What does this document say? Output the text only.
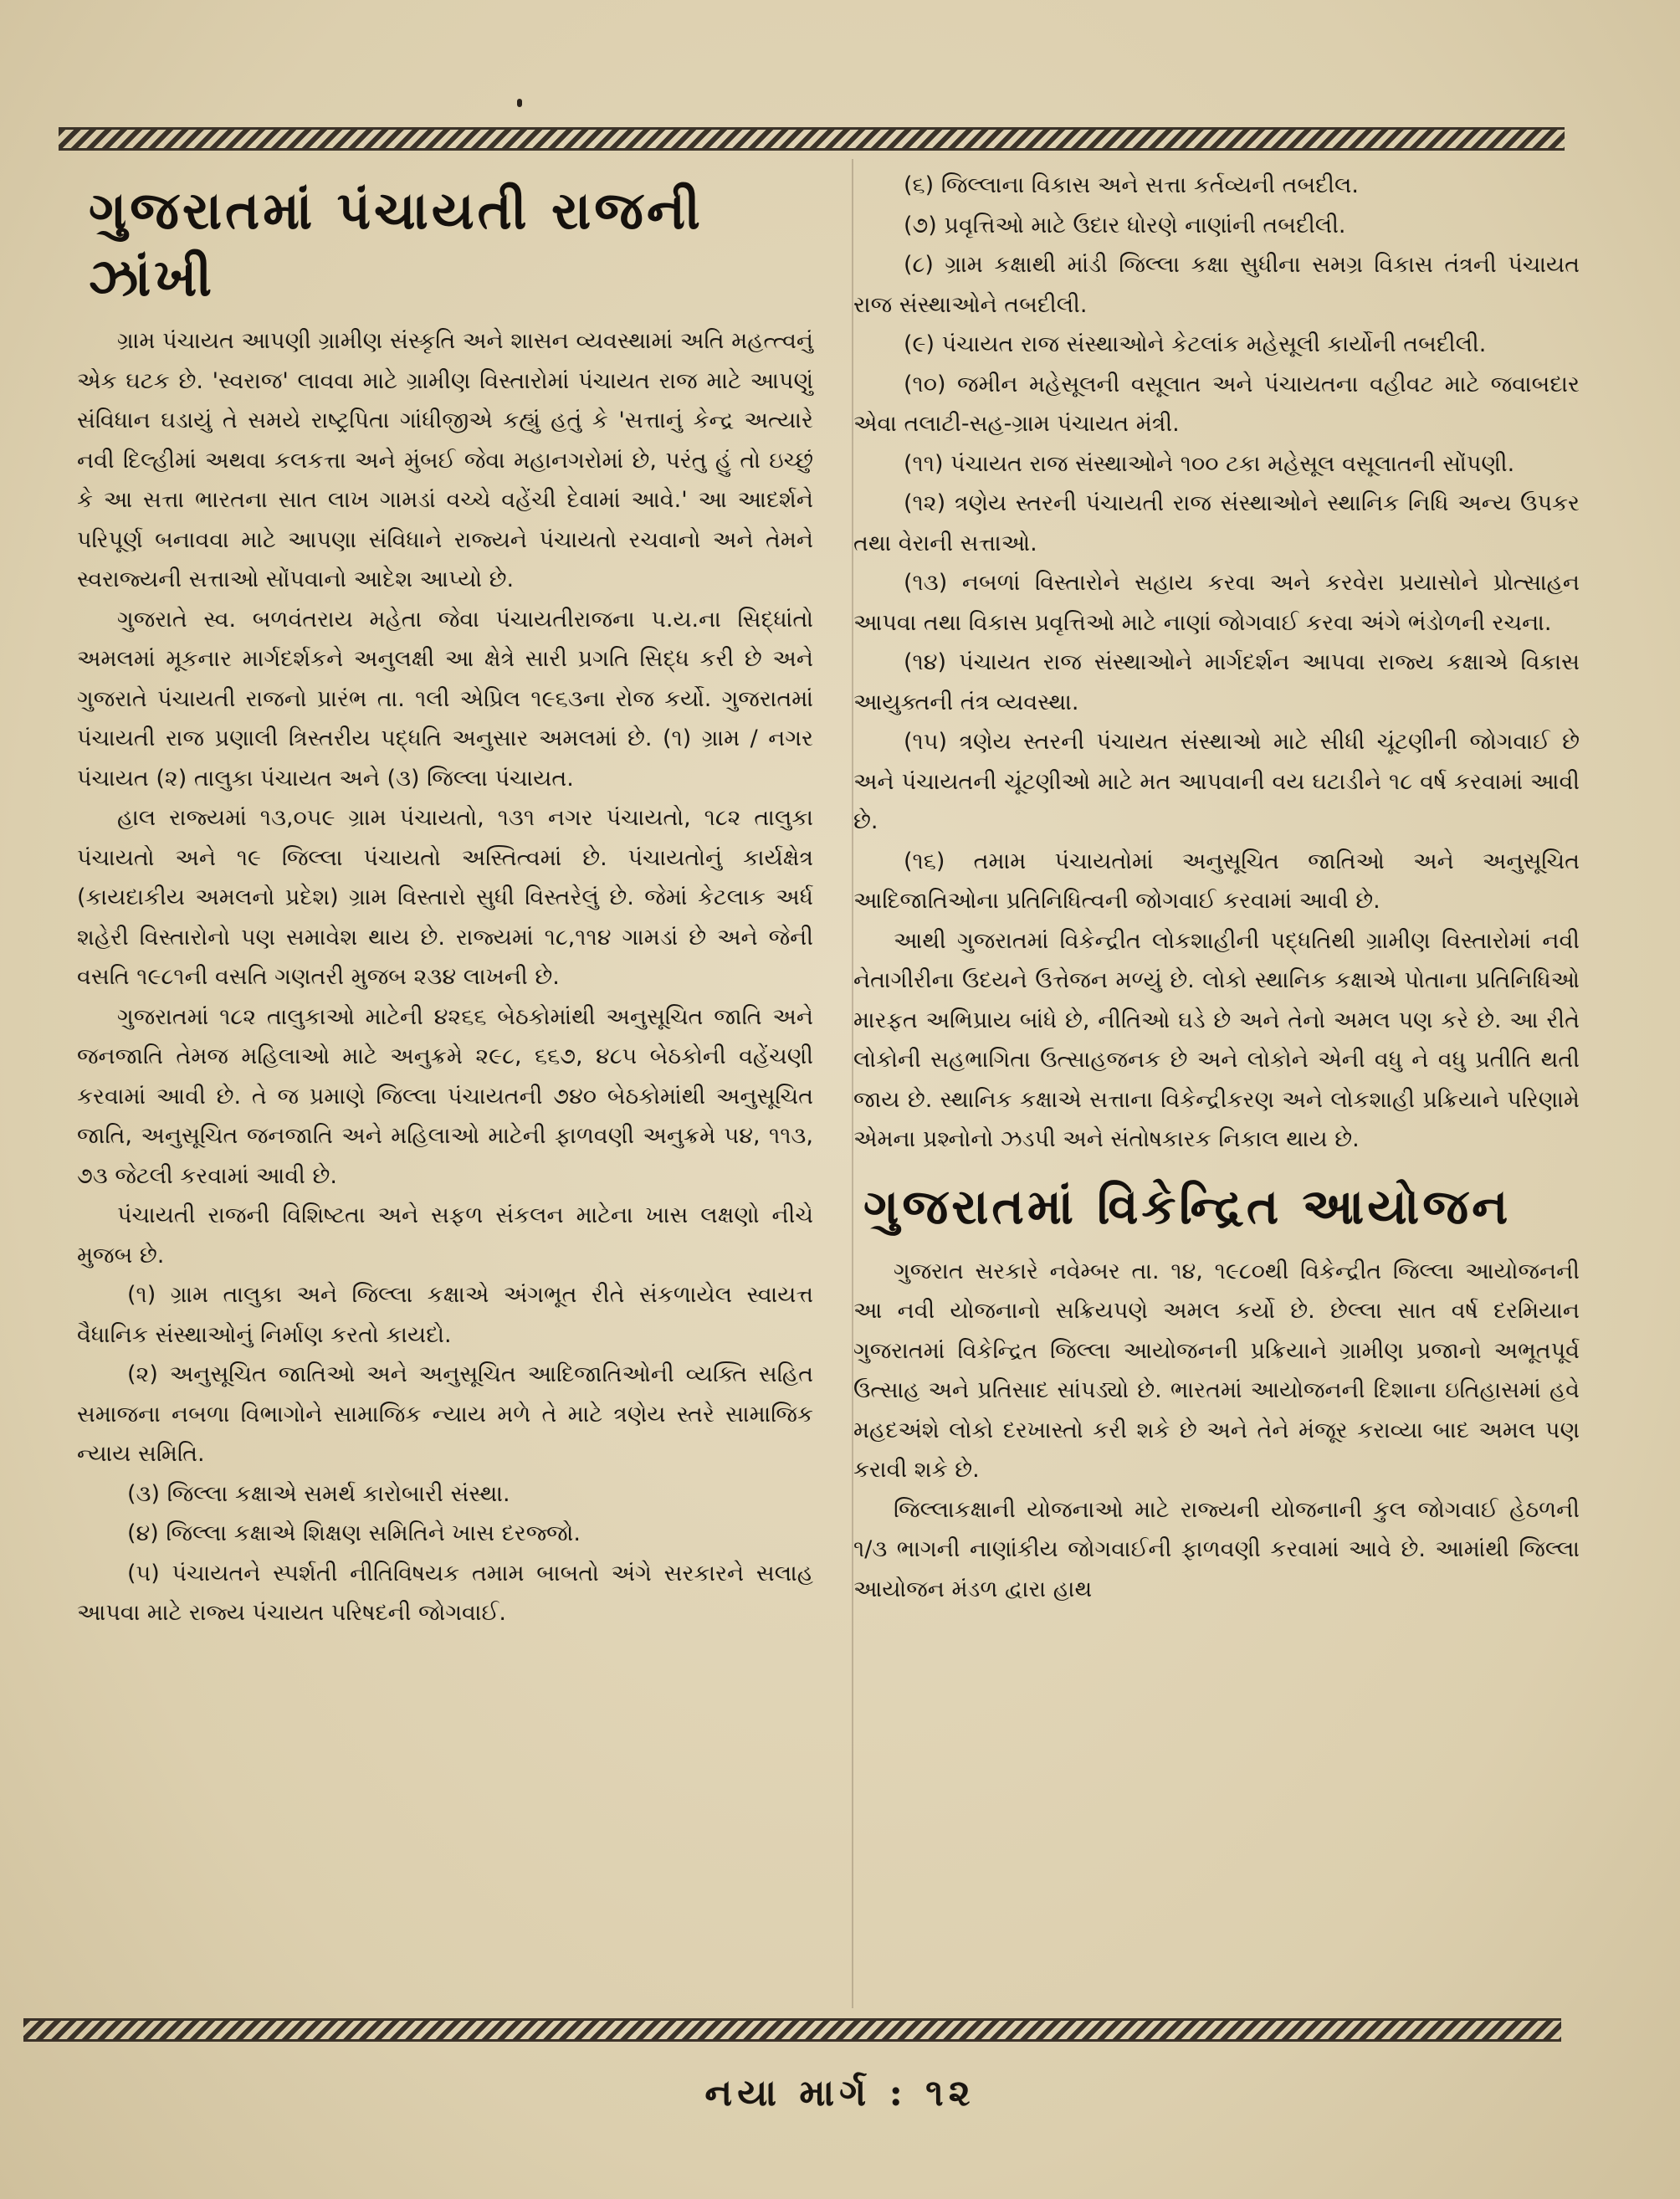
ગુજરાતમાં પંચાયતી રાજની ઝાંખી

ગ્રામ પંચાયત આપણી ગ્રામીણ સંસ્કૃતિ અને શાસન વ્યવસ્થામાં અતિ મહત્ત્વનું એક ઘટક છે. 'સ્વરાજ' લાવવા માટે ગ્રામીણ વિસ્તારોમાં પંચાયત રાજ માટે આપણું સંવિધાન ઘડાયું તે સમયે રાષ્ટ્રપિતા ગાંધીજીએ કહ્યું હતું કે 'સત્તાનું કેન્દ્ર અત્યારે નવી દિલ્હીમાં અથવા કલકત્તા અને મુંબઈ જેવા મહાનગરોમાં છે, પરંતુ હું તો ઇચ્છું કે આ સત્તા ભારતના સાત લાખ ગામડાં વચ્ચે વહેંચી દેવામાં આવે.' આ આદર્શને પરિપૂર્ણ બનાવવા માટે આપણા સંવિધાને રાજ્યને પંચાયતો રચવાનો અને તેમને સ્વરાજ્યની સત્તાઓ સોંપવાનો આદેશ આપ્યો છે.

ગુજરાતે સ્વ. બળવંતરાય મહેતા જેવા પંચાયતીરાજના પ.ય.ના સિદ્ધાંતો અમલમાં મૂકનાર માર્ગદર્શકને અનુલક્ષી આ ક્ષેત્રે સારી પ્રગતિ સિદ્ધ કરી છે અને ગુજરાતે પંચાયતી રાજનો પ્રારંભ તા. ૧લી એપ્રિલ ૧૯૬૩ના રોજ કર્યો. ગુજરાતમાં પંચાયતી રાજ પ્રણાલી ત્રિસ્તરીય પદ્ધતિ અનુસાર અમલમાં છે. (૧) ગ્રામ / નગર પંચાયત (૨) તાલુકા પંચાયત અને (૩) જિલ્લા પંચાયત.

હાલ રાજ્યમાં ૧૩,૦૫૯ ગ્રામ પંચાયતો, ૧૩૧ નગર પંચાયતો, ૧૮૨ તાલુકા પંચાયતો અને ૧૯ જિલ્લા પંચાયતો અસ્તિત્વમાં છે. પંચાયતોનું કાર્યક્ષેત્ર (કાયદાકીય અમલનો પ્રદેશ) ગ્રામ વિસ્તારો સુધી વિસ્તરેલું છે. જેમાં કેટલાક અર્ધ શહેરી વિસ્તારોનો પણ સમાવેશ થાય છે. રાજ્યમાં ૧૮,૧૧૪ ગામડાં છે અને જેની વસતિ ૧૯૮૧ની વસતિ ગણતરી મુજબ ૨૩૪ લાખની છે.

ગુજરાતમાં ૧૮૨ તાલુકાઓ માટેની ૪૨૬૬ બેઠકોમાંથી અનુસૂચિત જાતિ અને જનજાતિ તેમજ મહિલાઓ માટે અનુક્રમે ૨૯૮, ૬૬૭, ૪૮૫ બેઠકોની વહેંચણી કરવામાં આવી છે. તે જ પ્રમાણે જિલ્લા પંચાયતની ૭૪૦ બેઠકોમાંથી અનુસૂચિત જાતિ, અનુસૂચિત જનજાતિ અને મહિલાઓ માટેની ફાળવણી અનુક્રમે ૫૪, ૧૧૩, ૭૩ જેટલી કરવામાં આવી છે.

પંચાયતી રાજની વિશિષ્ટતા અને સફળ સંકલન માટેના ખાસ લક્ષણો નીચે મુજબ છે.

(૧) ગ્રામ તાલુકા અને જિલ્લા કક્ષાએ અંગભૂત રીતે સંકળાયેલ સ્વાયત્ત વૈધાનિક સંસ્થાઓનું નિર્માણ કરતો કાયદો.

(૨) અનુસૂચિત જાતિઓ અને અનુસૂચિત આદિજાતિઓની વ્યક્તિ સહિત સમાજના નબળા વિભાગોને સામાજિક ન્યાય મળે તે માટે ત્રણેય સ્તરે સામાજિક ન્યાય સમિતિ.

(૩) જિલ્લા કક્ષાએ સમર્થ કારોબારી સંસ્થા.

(૪) જિલ્લા કક્ષાએ શિક્ષણ સમિતિને ખાસ દરજ્જો.

(૫) પંચાયતને સ્પર્શતી નીતિવિષયક તમામ બાબતો અંગે સરકારને સલાહ આપવા માટે રાજ્ય પંચાયત પરિષદની જોગવાઈ.

(૬) જિલ્લાના વિકાસ અને સત્તા કર્તવ્યની તબદીલ.

(૭) પ્રવૃત્તિઓ માટે ઉદાર ધોરણે નાણાંની તબદીલી.

(૮) ગ્રામ કક્ષાથી માંડી જિલ્લા કક્ષા સુધીના સમગ્ર વિકાસ તંત્રની પંચાયત રાજ સંસ્થાઓને તબદીલી.

(૯) પંચાયત રાજ સંસ્થાઓને કેટલાંક મહેસૂલી કાર્યોની તબદીલી.

(૧૦) જમીન મહેસૂલની વસૂલાત અને પંચાયતના વહીવટ માટે જવાબદાર એવા તલાટી-સહ-ગ્રામ પંચાયત મંત્રી.

(૧૧) પંચાયત રાજ સંસ્થાઓને ૧૦૦ ટકા મહેસૂલ વસૂલાતની સોંપણી.

(૧૨) ત્રણેય સ્તરની પંચાયતી રાજ સંસ્થાઓને સ્થાનિક નિધિ અન્ય ઉપકર તથા વેરાની સત્તાઓ.

(૧૩) નબળાં વિસ્તારોને સહાય કરવા અને કરવેરા પ્રયાસોને પ્રોત્સાહન આપવા તથા વિકાસ પ્રવૃત્તિઓ માટે નાણાં જોગવાઈ કરવા અંગે ભંડોળની રચના.

(૧૪) પંચાયત રાજ સંસ્થાઓને માર્ગદર્શન આપવા રાજ્ય કક્ષાએ વિકાસ આયુક્તની તંત્ર વ્યવસ્થા.

(૧૫) ત્રણેય સ્તરની પંચાયત સંસ્થાઓ માટે સીધી ચૂંટણીની જોગવાઈ છે અને પંચાયતની ચૂંટણીઓ માટે મત આપવાની વય ઘટાડીને ૧૮ વર્ષ કરવામાં આવી છે.

(૧૬) તમામ પંચાયતોમાં અનુસૂચિત જાતિઓ અને અનુસૂચિત આદિજાતિઓના પ્રતિનિધિત્વની જોગવાઈ કરવામાં આવી છે.

આથી ગુજરાતમાં વિકેન્દ્રીત લોકશાહીની પદ્ધતિથી ગ્રામીણ વિસ્તારોમાં નવી નેતાગીરીના ઉદયને ઉત્તેજન મળ્યું છે. લોકો સ્થાનિક કક્ષાએ પોતાના પ્રતિનિધિઓ મારફત અભિપ્રાય બાંધે છે, નીતિઓ ઘડે છે અને તેનો અમલ પણ કરે છે. આ રીતે લોકોની સહભાગિતા ઉત્સાહજનક છે અને લોકોને એની વધુ ને વધુ પ્રતીતિ થતી જાય છે. સ્થાનિક કક્ષાએ સત્તાના વિકેન્દ્રીકરણ અને લોકશાહી પ્રક્રિયાને પરિણામે એમના પ્રશ્નોનો ઝડપી અને સંતોષકારક નિકાલ થાય છે.

ગુજરાતમાં વિકેન્દ્રિત આયોજન

ગુજરાત સરકારે નવેમ્બર તા. ૧૪, ૧૯૮૦થી વિકેન્દ્રીત જિલ્લા આયોજનની આ નવી યોજનાનો સક્રિયપણે અમલ કર્યો છે. છેલ્લા સાત વર્ષ દરમિયાન ગુજરાતમાં વિકેન્દ્રિત જિલ્લા આયોજનની પ્રક્રિયાને ગ્રામીણ પ્રજાનો અભૂતપૂર્વ ઉત્સાહ અને પ્રતિસાદ સાંપડ્યો છે. ભારતમાં આયોજનની દિશાના ઇતિહાસમાં હવે મહદઅંશે લોકો દરખાસ્તો કરી શકે છે અને તેને મંજૂર કરાવ્યા બાદ અમલ પણ કરાવી શકે છે.

જિલ્લાકક્ષાની યોજનાઓ માટે રાજ્યની યોજનાની કુલ જોગવાઈ હેઠળની ૧/૩ ભાગની નાણાંકીય જોગવાઈની ફાળવણી કરવામાં આવે છે. આમાંથી જિલ્લા આયોજન મંડળ દ્વારા હાથ

નયા માર્ગ : ૧૨
